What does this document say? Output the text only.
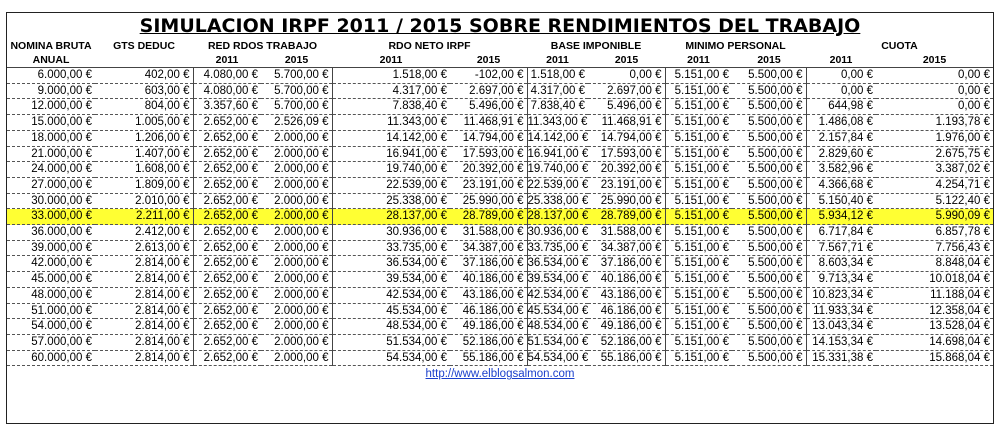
SIMULACION IRPF 2011 / 2015 SOBRE RENDIMIENTOS DEL TRABAJO
NOMINA BRUTA	GTS DEDUC	RED RDOS TRABAJO		RDO NETO IRPF		BASE IMPONIBLE		MINIMO PERSONAL		CUOTA	
ANUAL		2011	2015	2011	2015	2011	2015	2011	2015	2011	2015
6.000,00 €	402,00 €	4.080,00 €	5.700,00 €	1.518,00 €	-102,00 €	1.518,00 €	0,00 €	5.151,00 €	5.500,00 €	0,00 €	0,00 €
9.000,00 €	603,00 €	4.080,00 €	5.700,00 €	4.317,00 €	2.697,00 €	4.317,00 €	2.697,00 €	5.151,00 €	5.500,00 €	0,00 €	0,00 €
12.000,00 €	804,00 €	3.357,60 €	5.700,00 €	7.838,40 €	5.496,00 €	7.838,40 €	5.496,00 €	5.151,00 €	5.500,00 €	644,98 €	0,00 €
15.000,00 €	1.005,00 €	2.652,00 €	2.526,09 €	11.343,00 €	11.468,91 €	11.343,00 €	11.468,91 €	5.151,00 €	5.500,00 €	1.486,08 €	1.193,78 €
18.000,00 €	1.206,00 €	2.652,00 €	2.000,00 €	14.142,00 €	14.794,00 €	14.142,00 €	14.794,00 €	5.151,00 €	5.500,00 €	2.157,84 €	1.976,00 €
21.000,00 €	1.407,00 €	2.652,00 €	2.000,00 €	16.941,00 €	17.593,00 €	16.941,00 €	17.593,00 €	5.151,00 €	5.500,00 €	2.829,60 €	2.675,75 €
24.000,00 €	1.608,00 €	2.652,00 €	2.000,00 €	19.740,00 €	20.392,00 €	19.740,00 €	20.392,00 €	5.151,00 €	5.500,00 €	3.582,96 €	3.387,02 €
27.000,00 €	1.809,00 €	2.652,00 €	2.000,00 €	22.539,00 €	23.191,00 €	22.539,00 €	23.191,00 €	5.151,00 €	5.500,00 €	4.366,68 €	4.254,71 €
30.000,00 €	2.010,00 €	2.652,00 €	2.000,00 €	25.338,00 €	25.990,00 €	25.338,00 €	25.990,00 €	5.151,00 €	5.500,00 €	5.150,40 €	5.122,40 €
33.000,00 €	2.211,00 €	2.652,00 €	2.000,00 €	28.137,00 €	28.789,00 €	28.137,00 €	28.789,00 €	5.151,00 €	5.500,00 €	5.934,12 €	5.990,09 €
36.000,00 €	2.412,00 €	2.652,00 €	2.000,00 €	30.936,00 €	31.588,00 €	30.936,00 €	31.588,00 €	5.151,00 €	5.500,00 €	6.717,84 €	6.857,78 €
39.000,00 €	2.613,00 €	2.652,00 €	2.000,00 €	33.735,00 €	34.387,00 €	33.735,00 €	34.387,00 €	5.151,00 €	5.500,00 €	7.567,71 €	7.756,43 €
42.000,00 €	2.814,00 €	2.652,00 €	2.000,00 €	36.534,00 €	37.186,00 €	36.534,00 €	37.186,00 €	5.151,00 €	5.500,00 €	8.603,34 €	8.848,04 €
45.000,00 €	2.814,00 €	2.652,00 €	2.000,00 €	39.534,00 €	40.186,00 €	39.534,00 €	40.186,00 €	5.151,00 €	5.500,00 €	9.713,34 €	10.018,04 €
48.000,00 €	2.814,00 €	2.652,00 €	2.000,00 €	42.534,00 €	43.186,00 €	42.534,00 €	43.186,00 €	5.151,00 €	5.500,00 €	10.823,34 €	11.188,04 €
51.000,00 €	2.814,00 €	2.652,00 €	2.000,00 €	45.534,00 €	46.186,00 €	45.534,00 €	46.186,00 €	5.151,00 €	5.500,00 €	11.933,34 €	12.358,04 €
54.000,00 €	2.814,00 €	2.652,00 €	2.000,00 €	48.534,00 €	49.186,00 €	48.534,00 €	49.186,00 €	5.151,00 €	5.500,00 €	13.043,34 €	13.528,04 €
57.000,00 €	2.814,00 €	2.652,00 €	2.000,00 €	51.534,00 €	52.186,00 €	51.534,00 €	52.186,00 €	5.151,00 €	5.500,00 €	14.153,34 €	14.698,04 €
60.000,00 €	2.814,00 €	2.652,00 €	2.000,00 €	54.534,00 €	55.186,00 €	54.534,00 €	55.186,00 €	5.151,00 €	5.500,00 €	15.331,38 €	15.868,04 €
http://www.elblogsalmon.com
